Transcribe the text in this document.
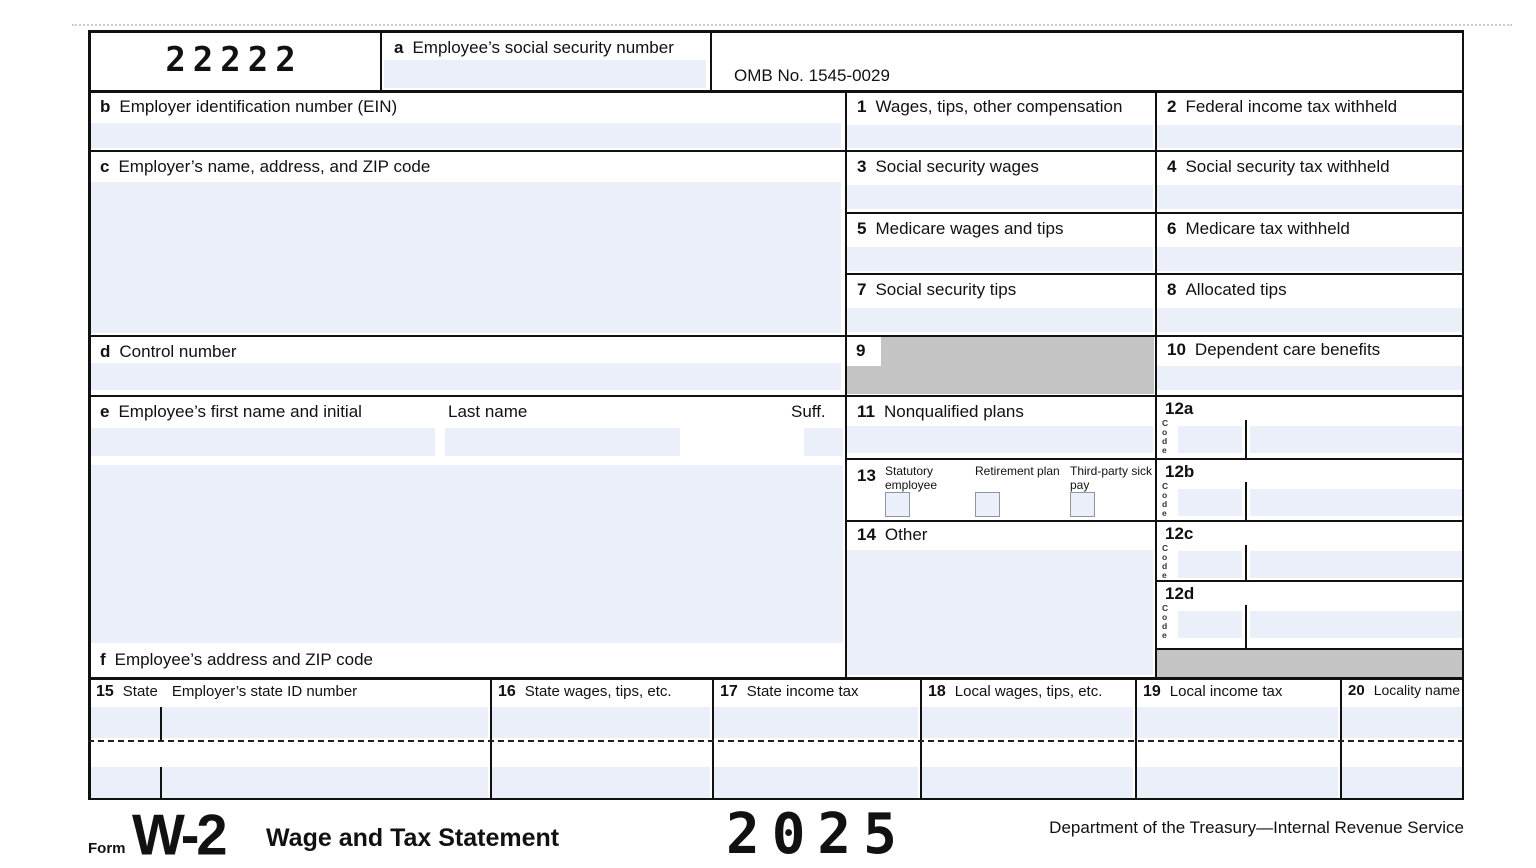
22222	a Employee’s social security number
OMB No. 1545-0029
b Employer identification number (EIN)
c Employer’s name, address, and ZIP code
d Control number
e Employee’s first name and initial	Last name	Suff.
f Employee’s address and ZIP code
1 Wages, tips, other compensation	2 Federal income tax withheld
3 Social security wages	4 Social security tax withheld
5 Medicare wages and tips	6 Medicare tax withheld
7 Social security tips	8 Allocated tips
9	10 Dependent care benefits
11 Nonqualified plans
13 Statutory employee
Retirement plan Third-party sick pay
14 Other
12a
Code
12b
Code
12c
Code
12d
Code
15 State Employer’s state ID number	16 State wages, tips, etc.	17 State income tax	18 Local wages, tips, etc.	19 Local income tax	20 Locality name
Form W-2 Wage and Tax Statement	2025	Department of the Treasury—Internal Revenue Service
